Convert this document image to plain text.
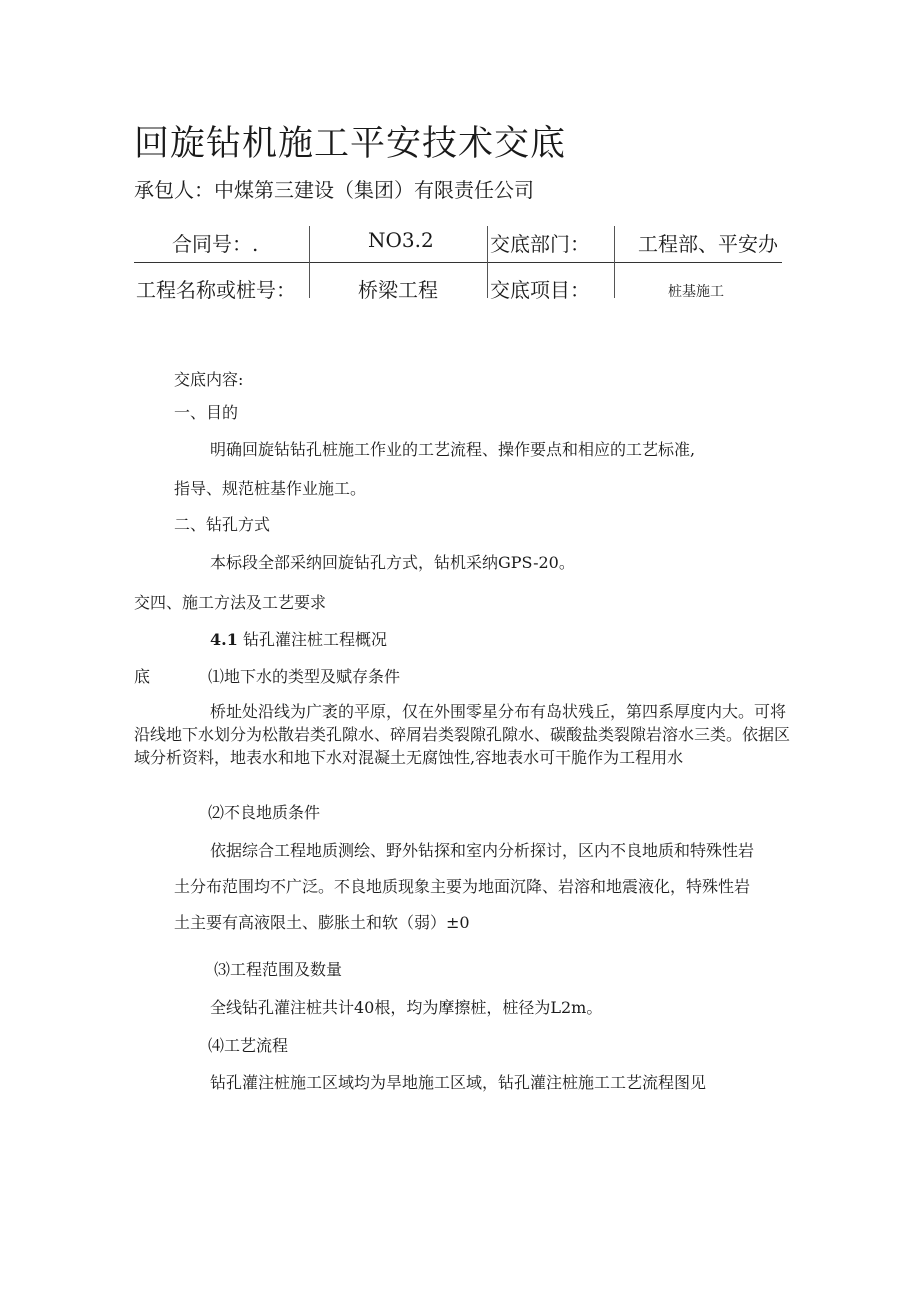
回旋钻机施工平安技术交底
承包人：中煤第三建设（集团）有限责任公司
合同号：.	NO3.2	交底部门： 工程部、平安办
工程名称或桩号：	桥梁工程	交底项目：	桩基施工
交底内容:
一、目的
明确回旋钻钻孔桩施工作业的工艺流程、操作要点和相应的工艺标准,
指导、规范桩基作业施工。
二、钻孔方式
本标段全部采纳回旋钻孔方式，钻机采纳GPS-20。
交四、施工方法及工艺要求
4.1 钻孔灌注桩工程概况
底	⑴地下水的类型及赋存条件
桥址处沿线为广袤的平原，仅在外围零星分布有岛状残丘，第四系厚度内大。可将沿线地下水划分为松散岩类孔隙水、碎屑岩类裂隙孔隙水、碳酸盐类裂隙岩溶水三类。依据区域分析资料，地表水和地下水对混凝土无腐蚀性,容地表水可干脆作为工程用水
⑵不良地质条件
依据综合工程地质测绘、野外钻探和室内分析探讨，区内不良地质和特殊性岩
土分布范围均不广泛。不良地质现象主要为地面沉降、岩溶和地震液化，特殊性岩
土主要有高液限土、膨胀土和软（弱）±0
⑶工程范围及数量
全线钻孔灌注桩共计40根，均为摩擦桩，桩径为L2m。
⑷工艺流程
钻孔灌注桩施工区域均为旱地施工区域，钻孔灌注桩施工工艺流程图见
